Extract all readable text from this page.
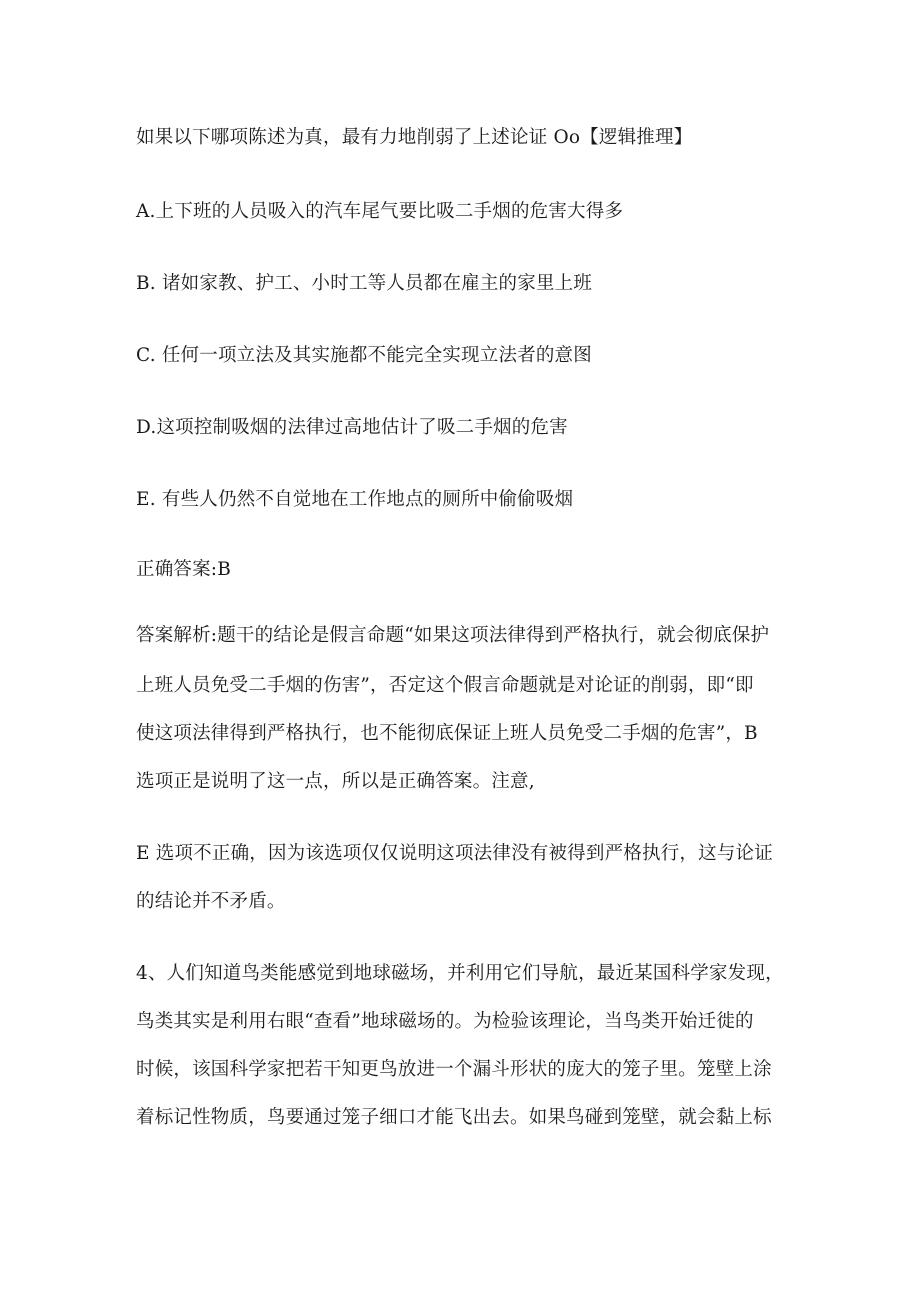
如果以下哪项陈述为真，最有力地削弱了上述论证 Oo【逻辑推理】
A.上下班的人员吸入的汽车尾气要比吸二手烟的危害大得多
B. 诸如家教、护工、小时工等人员都在雇主的家里上班
C. 任何一项立法及其实施都不能完全实现立法者的意图
D.这项控制吸烟的法律过高地估计了吸二手烟的危害
E. 有些人仍然不自觉地在工作地点的厕所中偷偷吸烟
正确答案:B
答案解析:题干的结论是假言命题“如果这项法律得到严格执行，就会彻底保护
上班人员免受二手烟的伤害”，否定这个假言命题就是对论证的削弱，即“即
使这项法律得到严格执行，也不能彻底保证上班人员免受二手烟的危害”，B
选项正是说明了这一点，所以是正确答案。注意,
E 选项不正确，因为该选项仅仅说明这项法律没有被得到严格执行，这与论证
的结论并不矛盾。
4、人们知道鸟类能感觉到地球磁场，并利用它们导航，最近某国科学家发现，
鸟类其实是利用右眼“查看”地球磁场的。为检验该理论，当鸟类开始迁徙的
时候，该国科学家把若干知更鸟放进一个漏斗形状的庞大的笼子里。笼壁上涂
着标记性物质，鸟要通过笼子细口才能飞出去。如果鸟碰到笼壁，就会黏上标
